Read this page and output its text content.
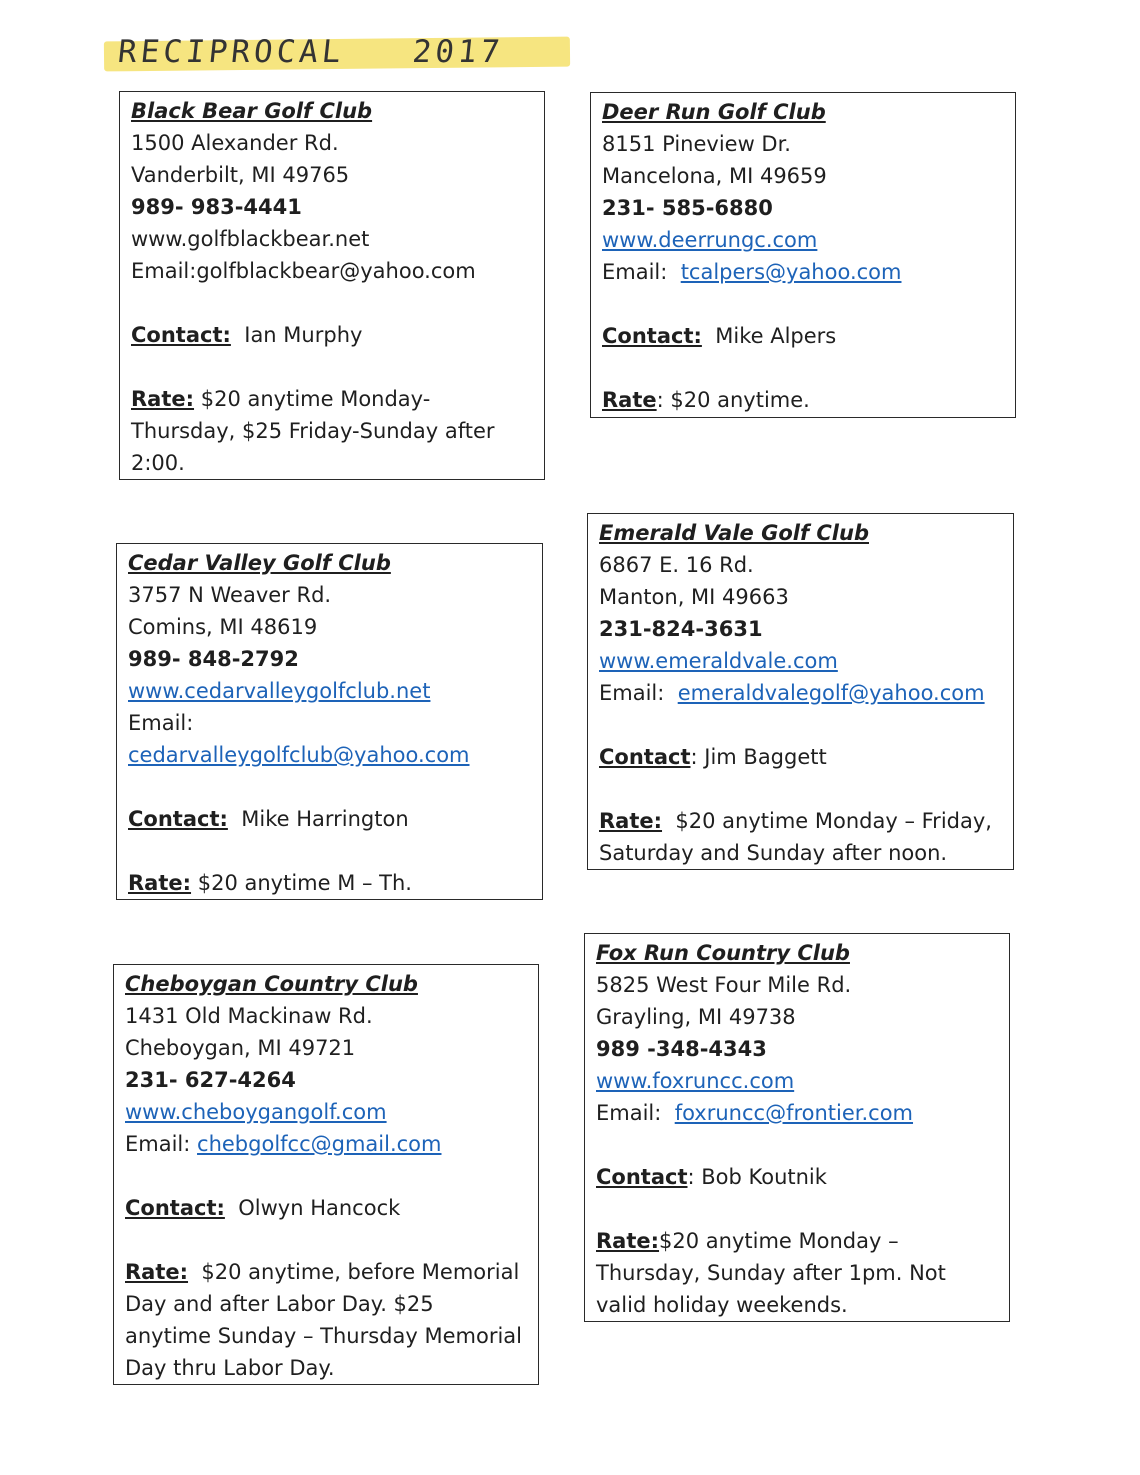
RECIPROCAL   2017
Black Bear Golf Club
1500 Alexander Rd.
Vanderbilt, MI 49765
989- 983-4441
www.golfblackbear.net
Email:golfblackbear@yahoo.com
Contact: Ian Murphy
Rate: $20 anytime Monday-
Thursday, $25 Friday-Sunday after
2:00.
Deer Run Golf Club
8151 Pineview Dr.
Mancelona, MI 49659
231- 585-6880
www.deerrungc.com
Email: tcalpers@yahoo.com
Contact: Mike Alpers
Rate: $20 anytime.
Cedar Valley Golf Club
3757 N Weaver Rd.
Comins, MI 48619
989- 848-2792
www.cedarvalleygolfclub.net
Email:
cedarvalleygolfclub@yahoo.com
Contact: Mike Harrington
Rate: $20 anytime M – Th.
Emerald Vale Golf Club
6867 E. 16 Rd.
Manton, MI 49663
231-824-3631
www.emeraldvale.com
Email: emeraldvalegolf@yahoo.com
Contact: Jim Baggett
Rate: $20 anytime Monday – Friday,
Saturday and Sunday after noon.
Cheboygan Country Club
1431 Old Mackinaw Rd.
Cheboygan, MI 49721
231- 627-4264
www.cheboygangolf.com
Email: chebgolfcc@gmail.com
Contact: Olwyn Hancock
Rate: $20 anytime, before Memorial
Day and after Labor Day. $25
anytime Sunday – Thursday Memorial
Day thru Labor Day.
Fox Run Country Club
5825 West Four Mile Rd.
Grayling, MI 49738
989 -348-4343
www.foxruncc.com
Email: foxruncc@frontier.com
Contact: Bob Koutnik
Rate:$20 anytime Monday –
Thursday, Sunday after 1pm. Not
valid holiday weekends.
